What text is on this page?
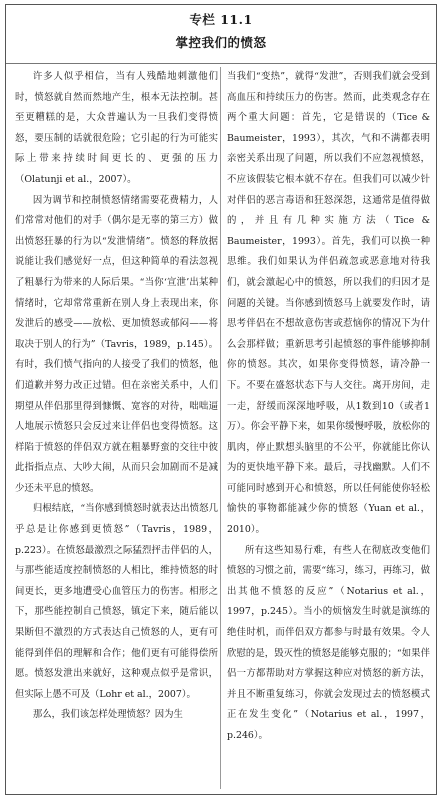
专栏 11.1
掌控我们的愤怒

许多人似乎相信，当有人残酷地刺激他们时，愤怒就自然而然地产生，根本无法控制。甚至更糟糕的是，大众普遍认为一旦我们变得愤怒，要压制的话就很危险；它引起的行为可能实际上带来持续时间更长的、更强的压力（Olatunji et al.，2007）。

因为调节和控制愤怒情绪需要花费精力，人们常常对他们的对手（偶尔是无辜的第三方）做出愤怒狂暴的行为以“发泄情绪”。愤怒的释放据说能让我们感觉好一点，但这种简单的看法忽视了粗暴行为带来的人际后果。“当你‘宣泄’出某种情绪时，它却常常重新在别人身上表现出来，你发泄后的感受——放松、更加愤怒或郁闷——将取决于别人的行为”（Tavris，1989，p.145）。有时，我们愤气指向的人接受了我们的愤怒，他们道歉并努力改正过错。但在亲密关系中，人们期望从伴侣那里得到慷慨、宽容的对待，咄咄逼人地展示愤怒只会反过来让伴侣也变得愤怒。这样陷于愤怒的伴侣双方就在粗暴野蛮的交往中彼此指指点点、大吵大闹，从而只会加剧而不是减少还未平息的愤怒。

归根结底，“当你感到愤怒时就表达出愤怒几乎总是让你感到更愤怒”（Tavris，1989，p.223）。在愤怒最激烈之际猛烈抨击伴侣的人，与那些能适度控制愤怒的人相比，维持愤怒的时间更长，更多地遭受心血管压力的伤害。相形之下，那些能控制自己愤怒，镇定下来，随后能以果断但不激烈的方式表达自己愤怒的人，更有可能得到伴侣的理解和合作；他们更有可能得偿所愿。愤怒发泄出来就好，这种观点似乎是常识，但实际上愚不可及（Lohr et al.，2007）。

那么，我们该怎样处理愤怒？因为生

当我们“变热”，就得“发泄”，否则我们就会受到高血压和持续压力的伤害。然而，此类观念存在两个重大问题：首先，它是错误的（Tice & Baumeister，1993），其次，气和不满都表明亲密关系出现了问题，所以我们不应忽视愤怒，不应该假装它根本就不存在。但我们可以减少针对伴侣的恶言毒语和狂怒深怨，这通常是值得做的，并且有几种实施方法（Tice & Baumeister，1993）。首先，我们可以换一种思维。我们如果认为伴侣疏忽或恶意地对待我们，就会激起心中的愤怒，所以我们的归因才是问题的关键。当你感到愤怒马上就要发作时，请思考伴侣在不想故意伤害或惹恼你的情况下为什么会那样做；重新思考引起愤怒的事件能够抑制你的愤怒。其次，如果你变得愤怒，请冷静一下。不要在盛怒状态下与人交往。离开房间，走一走，舒缓而深深地呼吸，从1数到10（或者1万）。你会平静下来，如果你缓慢呼吸，放松你的肌肉，停止默想头脑里的不公平，你就能比你认为的更快地平静下来。最后，寻找幽默。人们不可能同时感到开心和愤怒，所以任何能使你轻松愉快的事物都能减少你的愤怒（Yuan et al.，2010）。

所有这些知易行难，有些人在彻底改变他们愤怒的习惯之前，需要“练习，练习，再练习，做出其他不愤怒的反应”（Notarius et al.，1997，p.245）。当小的烦恼发生时就是演练的绝佳时机，而伴侣双方都参与时最有效果。令人欣慰的是，毁灭性的愤怒是能够克服的；“如果伴侣一方都帮助对方掌握这种应对愤怒的新方法，并且不断重复练习，你就会发现过去的愤怒模式正在发生变化”（Notarius et al.，1997，p.246）。
